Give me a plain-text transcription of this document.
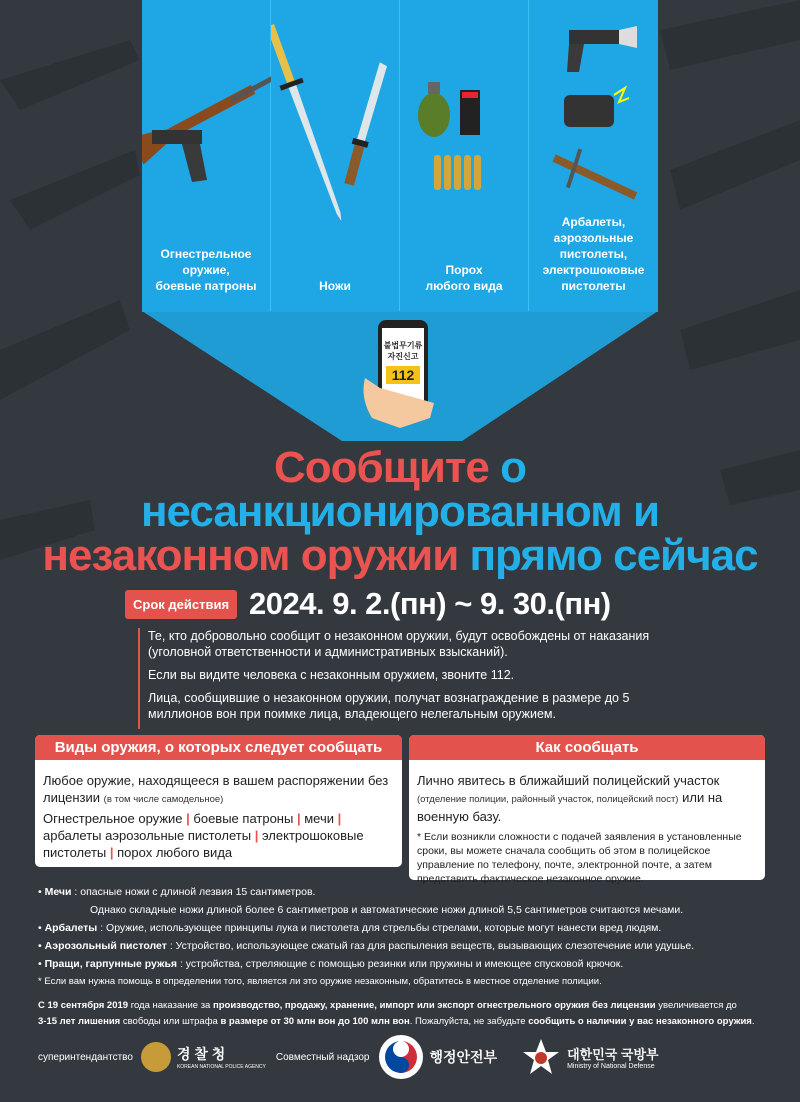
Огнестрельное оружие,
боевые патроны	Ножи
Порох
любого вида
Арбалеты, аэрозольные пистолеты, электрошоковые пистолеты
불법무기류
자진신고
112
Сообщите о
несанкционированном и
незаконном оружии прямо сейчас
Срок действия 2024. 9. 2.(пн) ~ 9. 30.(пн)

Те, кто добровольно сообщит о незаконном оружии, будут освобождены от наказания (уголовной ответственности и административных взысканий).

Если вы видите человека с незаконным оружием, звоните 112.

Лица, сообщившие о незаконном оружии, получат вознаграждение в размере до 5 миллионов вон при поимке лица, владеющего нелегальным оружием.

Виды оружия, о которых следует сообщать
Любое оружие, находящееся в вашем распоряжении без лицензии (в том числе самодельное)
Огнестрельное оружие | боевые патроны | мечи | арбалеты аэрозольные пистолеты | электрошоковые пистолеты | порох любого вида
Как сообщать
Лично явитесь в ближайший полицейский участок (отделение полиции, районный участок, полицейский пост) или на военную базу.
* Если возникли сложности с подачей заявления в установленные сроки, вы можете сначала сообщить об этом в полицейское управление по телефону, почте, электронной почте, а затем представить фактическое незаконное оружие.
• Мечи : опасные ножи с длиной лезвия 15 сантиметров.
Однако складные ножи длиной более 6 сантиметров и автоматические ножи длиной 5,5 сантиметров считаются мечами.
• Арбалеты : Оружие, использующее принципы лука и пистолета для стрельбы стрелами, которые могут нанести вред людям.
• Аэрозольный пистолет : Устройство, использующее сжатый газ для распыления веществ, вызывающих слезотечение или удушье.
• Пращи, гарпунные ружья : устройства, стреляющие с помощью резинки или пружины и имеющее спусковой крючок.
* Если вам нужна помощь в определении того, является ли это оружие незаконным, обратитесь в местное отделение полиции.
С 19 сентября 2019 года наказание за производство, продажу, хранение, импорт или экспорт огнестрельного оружия без лицензии увеличивается до
3-15 лет лишения свободы или штрафа в размере от 30 млн вон до 100 млн вон. Пожалуйста, не забудьте сообщить о наличии у вас незаконного оружия.
суперинтендантство	경 찰 청
KOREAN NATIONAL POLICE AGENCY
Совместный надзор	행정안전부	대한민국 국방부
Ministry of National Defense
